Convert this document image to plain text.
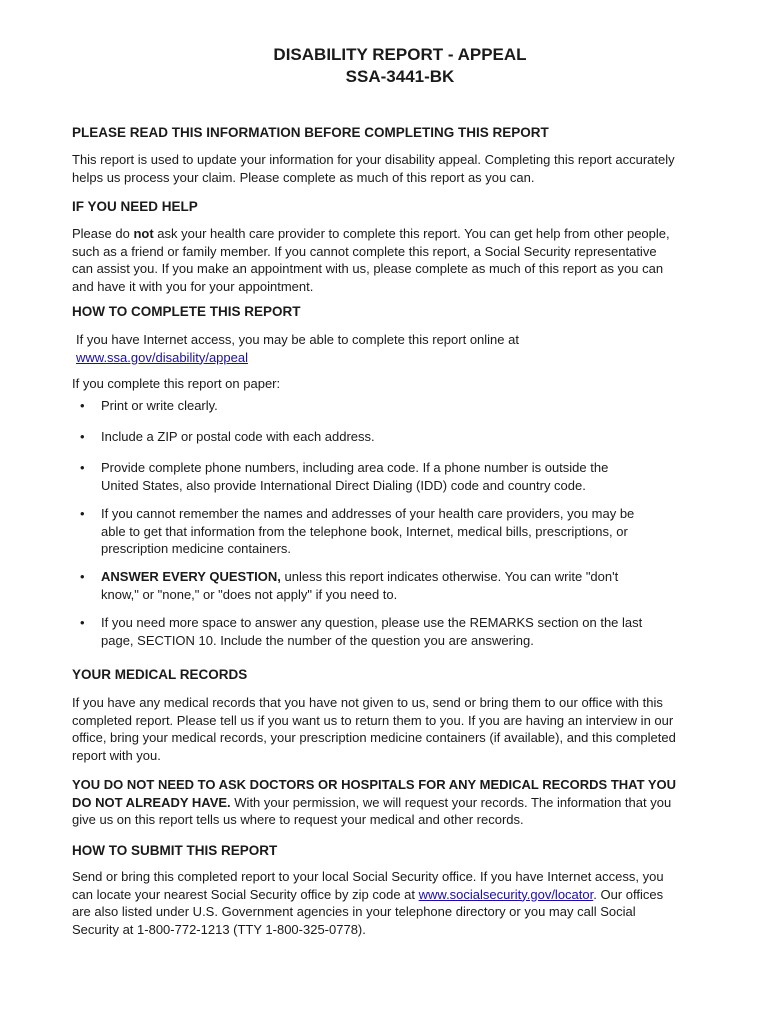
DISABILITY REPORT - APPEAL
SSA-3441-BK
PLEASE READ THIS INFORMATION BEFORE COMPLETING THIS REPORT
This report is used to update your information for your disability appeal. Completing this report accurately
helps us process your claim. Please complete as much of this report as you can.
IF YOU NEED HELP
Please do not ask your health care provider to complete this report. You can get help from other people,
such as a friend or family member. If you cannot complete this report, a Social Security representative
can assist you. If you make an appointment with us, please complete as much of this report as you can
and have it with you for your appointment.
HOW TO COMPLETE THIS REPORT
If you have Internet access, you may be able to complete this report online at
www.ssa.gov/disability/appeal
If you complete this report on paper:
• Print or write clearly.
• Include a ZIP or postal code with each address.
• Provide complete phone numbers, including area code. If a phone number is outside the
United States, also provide International Direct Dialing (IDD) code and country code.
• If you cannot remember the names and addresses of your health care providers, you may be
able to get that information from the telephone book, Internet, medical bills, prescriptions, or
prescription medicine containers.
• ANSWER EVERY QUESTION, unless this report indicates otherwise. You can write "don't
know," or "none," or "does not apply" if you need to.
• If you need more space to answer any question, please use the REMARKS section on the last
page, SECTION 10. Include the number of the question you are answering.
YOUR MEDICAL RECORDS
If you have any medical records that you have not given to us, send or bring them to our office with this
completed report. Please tell us if you want us to return them to you. If you are having an interview in our
office, bring your medical records, your prescription medicine containers (if available), and this completed
report with you.
YOU DO NOT NEED TO ASK DOCTORS OR HOSPITALS FOR ANY MEDICAL RECORDS THAT YOU
DO NOT ALREADY HAVE. With your permission, we will request your records. The information that you
give us on this report tells us where to request your medical and other records.
HOW TO SUBMIT THIS REPORT
Send or bring this completed report to your local Social Security office. If you have Internet access, you
can locate your nearest Social Security office by zip code at www.socialsecurity.gov/locator. Our offices
are also listed under U.S. Government agencies in your telephone directory or you may call Social
Security at 1-800-772-1213 (TTY 1-800-325-0778).
